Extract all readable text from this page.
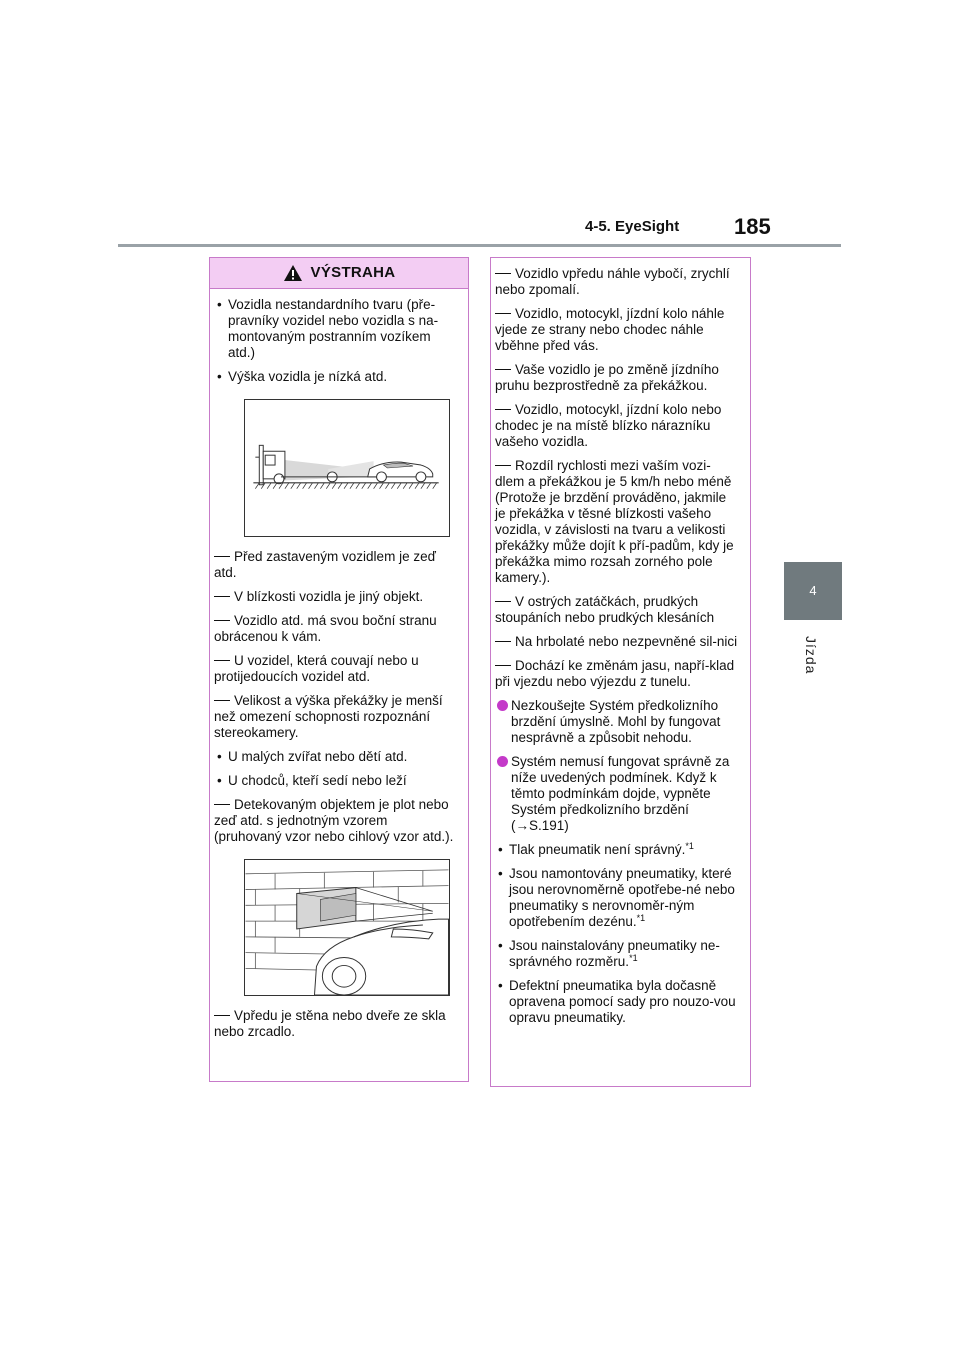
4-5. EyeSight 185
4
Jízda
VÝSTRAHA

• Vozidla nestandardního tvaru (pře-pravníky vozidel nebo vozidla s na-montovaným postranním vozíkem atd.)

• Výška vozidla je nízká atd.

Před zastaveným vozidlem je zeď atd.

V blízkosti vozidla je jiný objekt.

Vozidlo atd. má svou boční stranu obrácenou k vám.

U vozidel, která couvají nebo u protijedoucích vozidel atd.

Velikost a výška překážky je menší než omezení schopnosti rozpoznání stereokamery.

• U malých zvířat nebo dětí atd.

• U chodců, kteří sedí nebo leží

Detekovaným objektem je plot nebo zeď atd. s jednotným vzorem (pruhovaný vzor nebo cihlový vzor atd.).

Vpředu je stěna nebo dveře ze skla nebo zrcadlo.

Vozidlo vpředu náhle vybočí, zrychlí nebo zpomalí.

Vozidlo, motocykl, jízdní kolo náhle vjede ze strany nebo chodec náhle vběhne před vás.

Vaše vozidlo je po změně jízdního pruhu bezprostředně za překážkou.

Vozidlo, motocykl, jízdní kolo nebo chodec je na místě blízko nárazníku vašeho vozidla.

Rozdíl rychlosti mezi vaším vozi-dlem a překážkou je 5 km/h nebo méně (Protože je brzdění prováděno, jakmile je překážka v těsné blízkosti vašeho vozidla, v závislosti na tvaru a velikosti překážky může dojít k pří-padům, kdy je překážka mimo rozsah zorného pole kamery.).

V ostrých zatáčkách, prudkých stoupáních nebo prudkých klesáních

Na hrbolaté nebo nezpevněné sil-nici

Dochází ke změnám jasu, napří-klad při vjezdu nebo výjezdu z tunelu.

Nezkoušejte Systém předkolizního brzdění úmyslně. Mohl by fungovat nesprávně a způsobit nehodu.

Systém nemusí fungovat správně za níže uvedených podmínek. Když k těmto podmínkám dojde, vypněte Systém předkolizního brzdění (→S.191)

• Tlak pneumatik není správný.$^{*1}$

• Jsou namontovány pneumatiky, které jsou nerovnoměrně opotřebe-né nebo pneumatiky s nerovnoměr-ným opotřebením dezénu.$^{*1}$

• Jsou nainstalovány pneumatiky ne-správného rozměru.$^{*1}$

• Defektní pneumatika byla dočasně opravena pomocí sady pro nouzo-vou opravu pneumatiky.
